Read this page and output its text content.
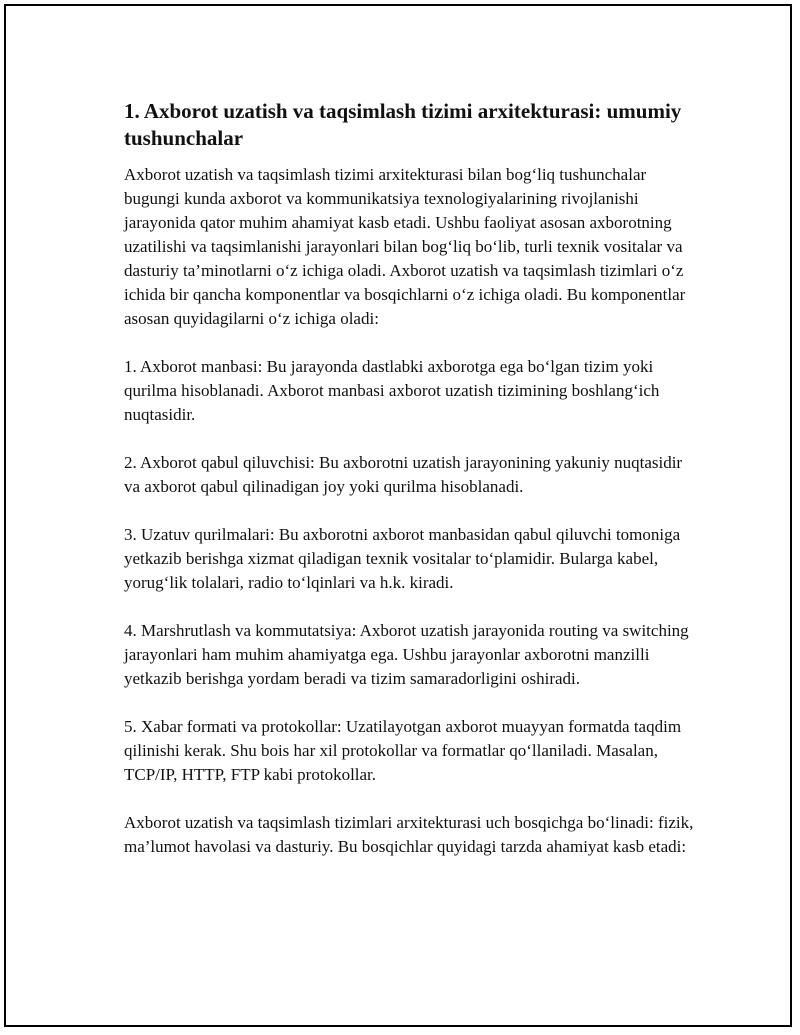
1. Axborot uzatish va taqsimlash tizimi arxitekturasi: umumiy tushunchalar

Axborot uzatish va taqsimlash tizimi arxitekturasi bilan bog‘liq tushunchalar bugungi kunda axborot va kommunikatsiya texnologiyalarining rivojlanishi jarayonida qator muhim ahamiyat kasb etadi. Ushbu faoliyat asosan axborotning uzatilishi va taqsimlanishi jarayonlari bilan bog‘liq bo‘lib, turli texnik vositalar va dasturiy ta’minotlarni o‘z ichiga oladi. Axborot uzatish va taqsimlash tizimlari o‘z ichida bir qancha komponentlar va bosqichlarni o‘z ichiga oladi. Bu komponentlar asosan quyidagilarni o‘z ichiga oladi:

1. Axborot manbasi: Bu jarayonda dastlabki axborotga ega bo‘lgan tizim yoki qurilma hisoblanadi. Axborot manbasi axborot uzatish tizimining boshlang‘ich nuqtasidir.

2. Axborot qabul qiluvchisi: Bu axborotni uzatish jarayonining yakuniy nuqtasidir va axborot qabul qilinadigan joy yoki qurilma hisoblanadi.

3. Uzatuv qurilmalari: Bu axborotni axborot manbasidan qabul qiluvchi tomoniga yetkazib berishga xizmat qiladigan texnik vositalar to‘plamidir. Bularga kabel, yorug‘lik tolalari, radio to‘lqinlari va h.k. kiradi.

4. Marshrutlash va kommutatsiya: Axborot uzatish jarayonida routing va switching jarayonlari ham muhim ahamiyatga ega. Ushbu jarayonlar axborotni manzilli yetkazib berishga yordam beradi va tizim samaradorligini oshiradi.

5. Xabar formati va protokollar: Uzatilayotgan axborot muayyan formatda taqdim qilinishi kerak. Shu bois har xil protokollar va formatlar qo‘llaniladi. Masalan, TCP/IP, HTTP, FTP kabi protokollar.

Axborot uzatish va taqsimlash tizimlari arxitekturasi uch bosqichga bo‘linadi: fizik, ma’lumot havolasi va dasturiy. Bu bosqichlar quyidagi tarzda ahamiyat kasb etadi:
